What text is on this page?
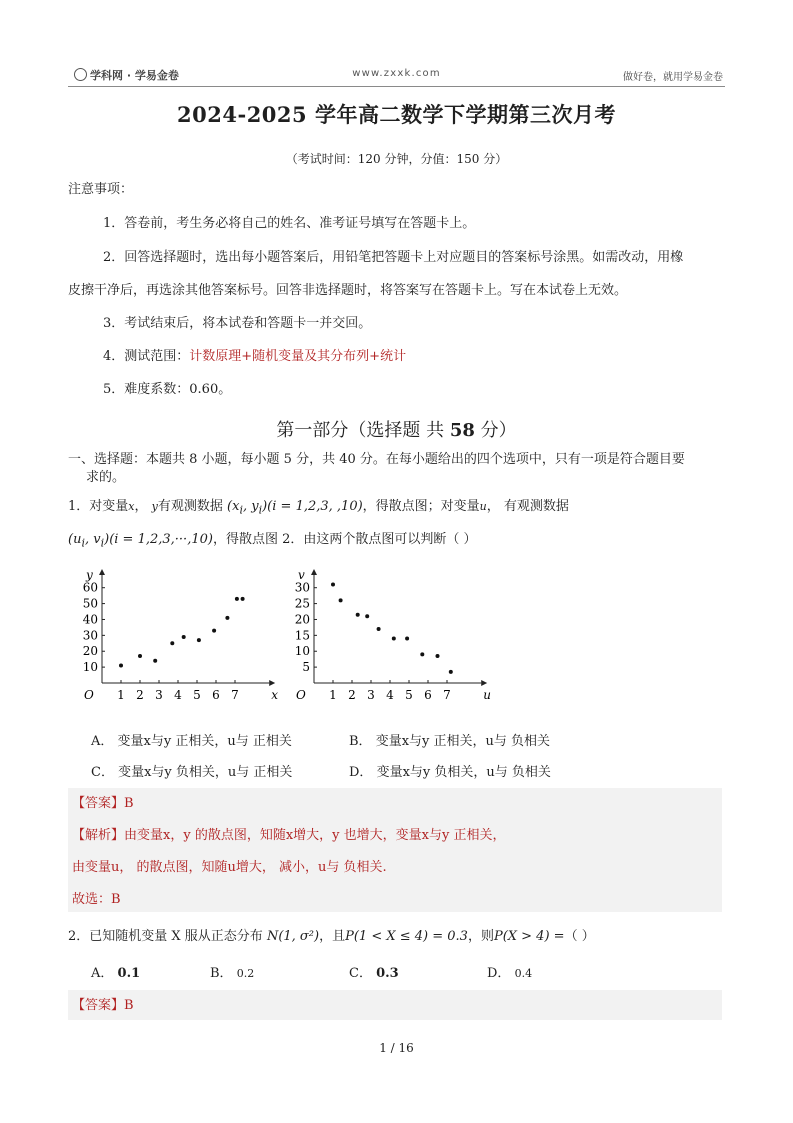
学科网 · 学易金卷	www.zxxk.com	做好卷，就用学易金卷
2024-2025 学年高二数学下学期第三次月考
（考试时间：120 分钟，分值：150 分）
注意事项：
1．答卷前，考生务必将自己的姓名、准考证号填写在答题卡上。
2．回答选择题时，选出每小题答案后，用铅笔把答题卡上对应题目的答案标号涂黑。如需改动，用橡
皮擦干净后，再选涂其他答案标号。回答非选择题时，将答案写在答题卡上。写在本试卷上无效。
3．考试结束后，将本试卷和答题卡一并交回。
4．测试范围：计数原理+随机变量及其分布列+统计
5．难度系数：0.60。
第一部分（选择题 共 58 分）
一、选择题：本题共 8 小题，每小题 5 分，共 40 分。在每小题给出的四个选项中，只有一项是符合题目要
求的。
1．对变量x， y有观测数据 ($x_i$, $y_i)(i = 1,2,3$, ,10)，得散点图；对变量u， 有观测数据
($u_i$, $v_i)(i = 1,2,3,\cdot\cdot\cdot,10)$，得散点图 2．由这两个散点图可以判断（ ）
x
y
O 1 2 3 4 5 6 7
10
20
30
40
50
60
u
v
O 1 2 3 4 5 6 7
5
10
15
20
25
30
A． 变量x与y 正相关，u与 正相关	B． 变量x与y 正相关，u与 负相关
C． 变量x与y 负相关，u与 正相关	D． 变量x与y 负相关，u与 负相关
【答案】B
【解析】由变量x，y 的散点图，知随x增大，y 也增大，变量x与y 正相关，
由变量u， 的散点图，知随u增大， 减小，u与 负相关.
故选：B
2．已知随机变量 X 服从正态分布 N(1, σ²)，且P(1 < X ≤ 4) = 0.3，则P(X > 4) =（ ）
A． 0.1	B． 0.2	C． 0.3	D． 0.4
【答案】B
1 / 16
